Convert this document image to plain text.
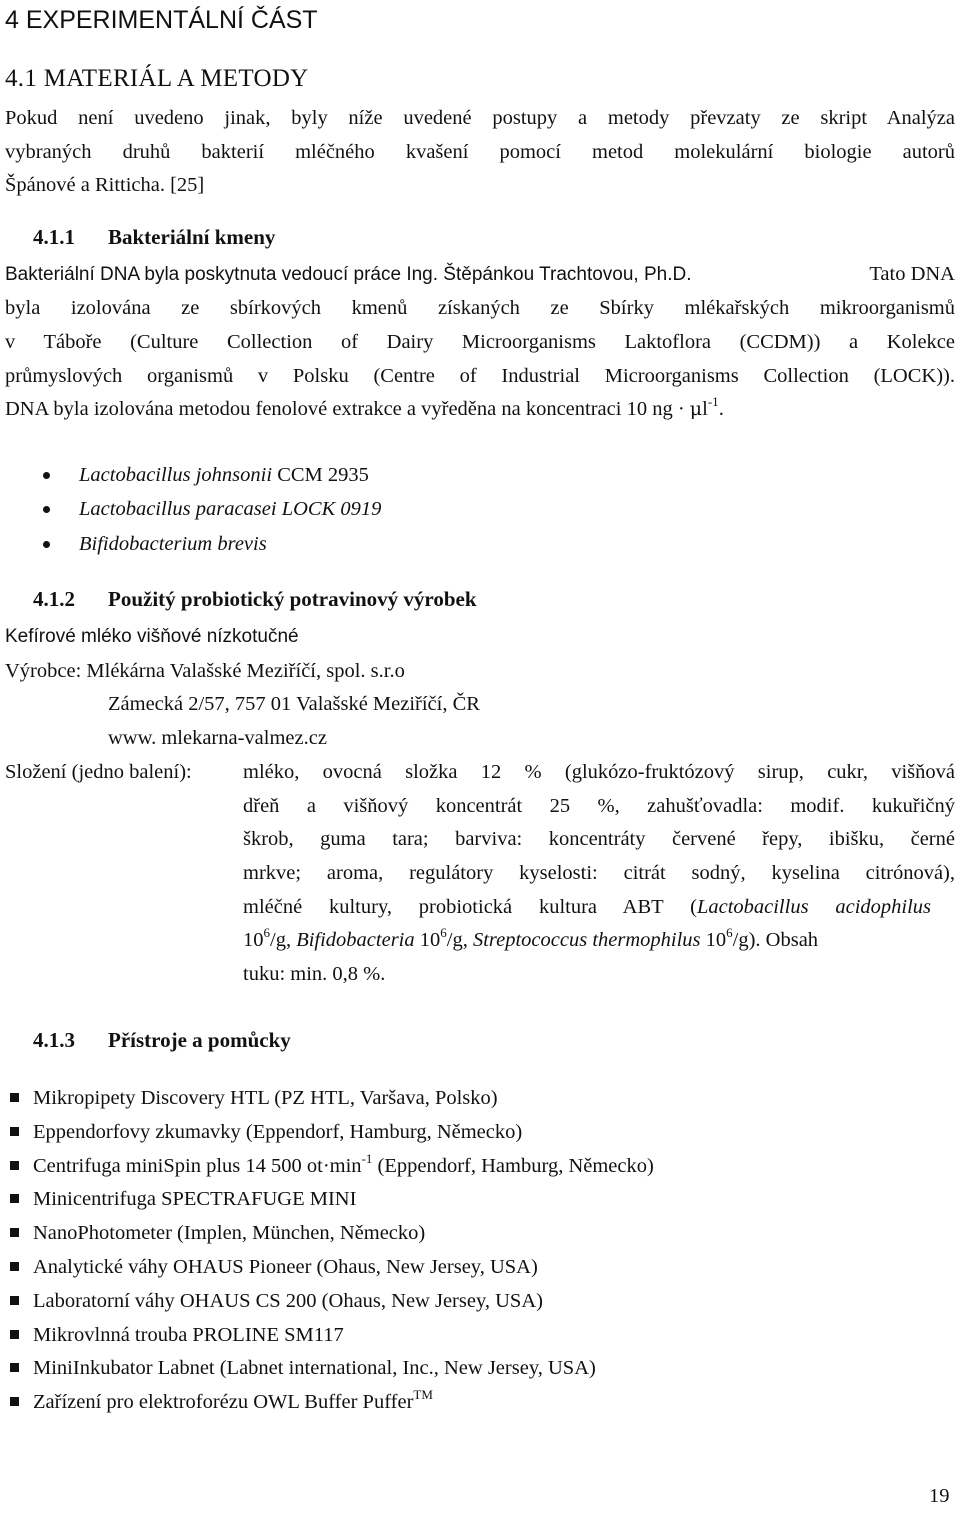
4 EXPERIMENTÁLNÍ ČÁST
4.1 MATERIÁL A METODY
Pokud není uvedeno jinak, byly níže uvedené postupy a metody převzaty ze skript Analýza
vybraných druhů bakterií mléčného kvašení pomocí metod molekulární biologie autorů
Špánové a Ritticha. [25]
4.1.1 Bakteriální kmeny
Bakteriální DNA byla poskytnuta vedoucí práce Ing. Štěpánkou Trachtovou, Ph.D.	Tato DNA
byla izolována ze sbírkových kmenů získaných ze Sbírky mlékařských mikroorganismů
v Táboře (Culture Collection of Dairy Microorganisms Laktoflora (CCDM)) a Kolekce
průmyslových organismů v Polsku (Centre of Industrial Microorganisms Collection (LOCK)).
DNA byla izolována metodou fenolové extrakce a vyředěna na koncentraci 10 ng · $\mu l^{-1}$.
Lactobacillus johnsonii CCM 2935
Lactobacillus paracasei LOCK 0919
Bifidobacterium brevis
4.1.2 Použitý probiotický potravinový výrobek
Kefírové mléko višňové nízkotučné
Výrobce: Mlékárna Valašské Meziříčí, spol. s.r.o
Zámecká 2/57, 757 01 Valašské Meziříčí, ČR
www. mlekarna-valmez.cz
Složení (jedno balení):	mléko, ovocná složka 12 % (glukózo-fruktózový sirup, cukr, višňová
dřeň a višňový koncentrát 25 %, zahušťovadla: modif. kukuřičný
škrob, guma tara; barviva: koncentráty červené řepy, ibišku, černé
mrkve; aroma, regulátory kyselosti: citrát sodný, kyselina citrónová),
mléčné kultury, probiotická kultura ABT (Lactobacillus acidophilus
$10^6/g$, Bifidobacteria $10^6/g$, Streptococcus thermophilus $10^6/g$). Obsah
tuku: min. 0,8 %.
4.1.3 Přístroje a pomůcky
Mikropipety Discovery HTL (PZ HTL, Varšava, Polsko)
Eppendorfovy zkumavky (Eppendorf, Hamburg, Německo)
Centrifuga miniSpin plus 14 500 $ot\cdot\min^{-1}$ (Eppendorf, Hamburg, Německo)
Minicentrifuga SPECTRAFUGE MINI
NanoPhotometer (Implen, München, Německo)
Analytické váhy OHAUS Pioneer (Ohaus, New Jersey, USA)
Laboratorní váhy OHAUS CS 200 (Ohaus, New Jersey, USA)
Mikrovlnná trouba PROLINE SM117
MiniInkubator Labnet (Labnet international, Inc., New Jersey, USA)
Zařízení pro elektroforézu OWL Buffer Puffer™
19
